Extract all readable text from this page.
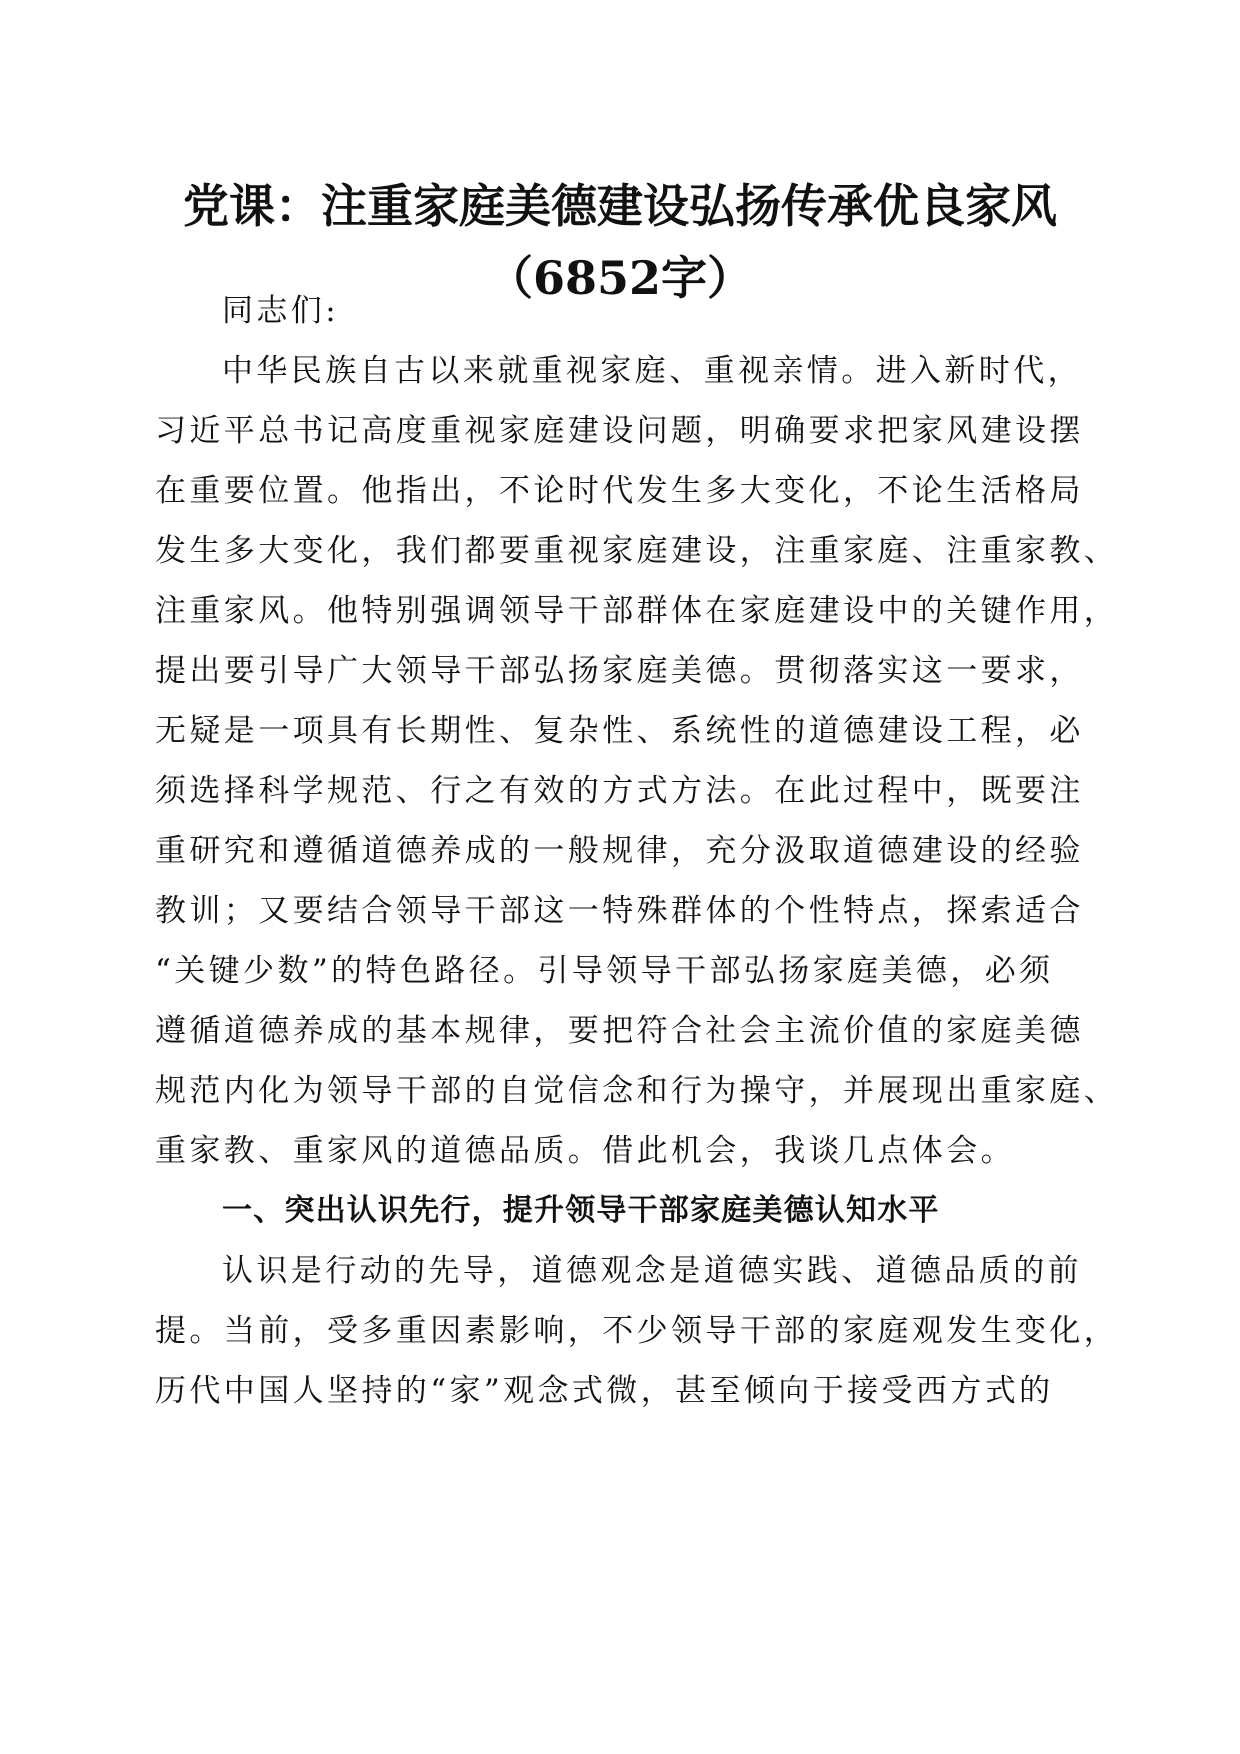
党课：注重家庭美德建设弘扬传承优良家风
（6852字）

同志们:

中华民族自古以来就重视家庭、重视亲情。进入新时代，

习近平总书记高度重视家庭建设问题，明确要求把家风建设摆

在重要位置。他指出，不论时代发生多大变化，不论生活格局

发生多大变化，我们都要重视家庭建设，注重家庭、注重家教、

注重家风。他特别强调领导干部群体在家庭建设中的关键作用，

提出要引导广大领导干部弘扬家庭美德。贯彻落实这一要求，

无疑是一项具有长期性、复杂性、系统性的道德建设工程，必

须选择科学规范、行之有效的方式方法。在此过程中，既要注

重研究和遵循道德养成的一般规律，充分汲取道德建设的经验

教训；又要结合领导干部这一特殊群体的个性特点，探索适合

“关键少数”的特色路径。引导领导干部弘扬家庭美德，必须

遵循道德养成的基本规律，要把符合社会主流价值的家庭美德

规范内化为领导干部的自觉信念和行为操守，并展现出重家庭、

重家教、重家风的道德品质。借此机会，我谈几点体会。

一、突出认识先行，提升领导干部家庭美德认知水平

认识是行动的先导，道德观念是道德实践、道德品质的前

提。当前，受多重因素影响，不少领导干部的家庭观发生变化，

历代中国人坚持的“家”观念式微，甚至倾向于接受西方式的
